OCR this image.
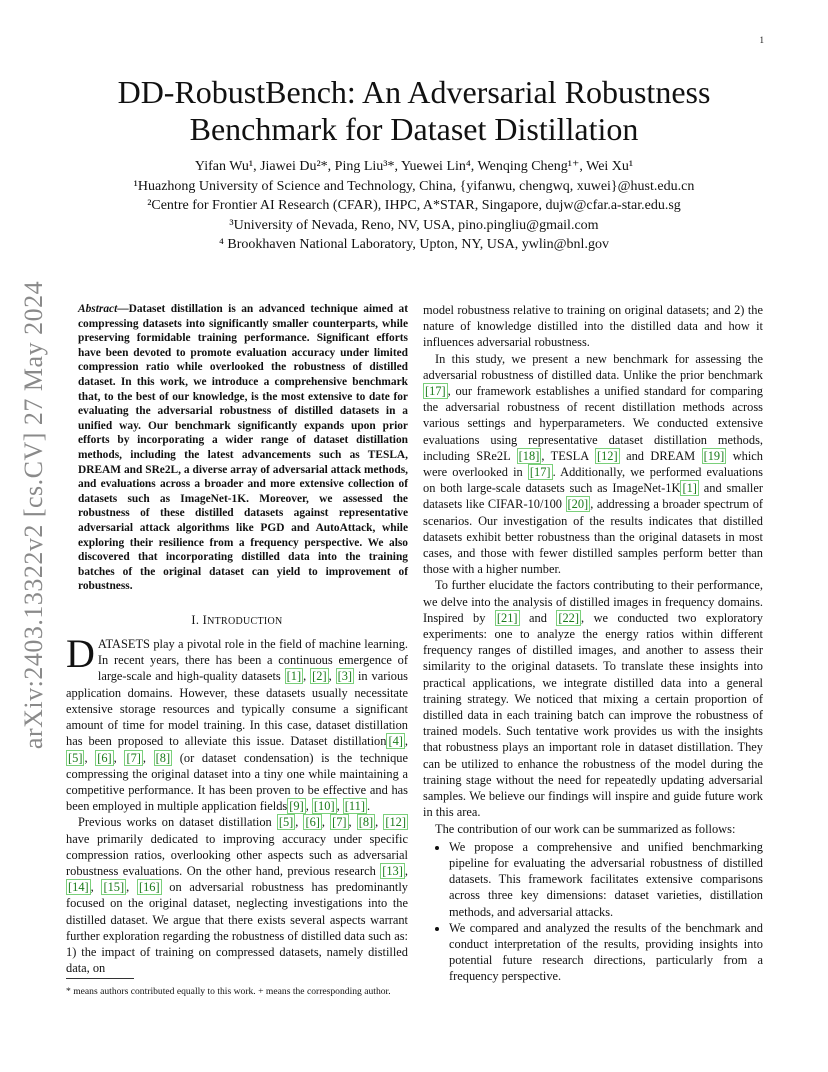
1
arXiv:2403.13322v2 [cs.CV] 27 May 2024
DD-RobustBench: An Adversarial Robustness
Benchmark for Dataset Distillation
Yifan Wu¹, Jiawei Du²*, Ping Liu³*, Yuewei Lin⁴, Wenqing Cheng¹⁺, Wei Xu¹
¹Huazhong University of Science and Technology, China, {yifanwu, chengwq, xuwei}@hust.edu.cn
²Centre for Frontier AI Research (CFAR), IHPC, A*STAR, Singapore, dujw@cfar.a-star.edu.sg
³University of Nevada, Reno, NV, USA, pino.pingliu@gmail.com
⁴ Brookhaven National Laboratory, Upton, NY, USA, ywlin@bnl.gov

Abstract—Dataset distillation is an advanced technique aimed at compressing datasets into significantly smaller counterparts, while preserving formidable training performance. Significant efforts have been devoted to promote evaluation accuracy under limited compression ratio while overlooked the robustness of distilled dataset. In this work, we introduce a comprehensive benchmark that, to the best of our knowledge, is the most extensive to date for evaluating the adversarial robustness of distilled datasets in a unified way. Our benchmark significantly expands upon prior efforts by incorporating a wider range of dataset distillation methods, including the latest advancements such as TESLA, DREAM and SRe2L, a diverse array of adversarial attack methods, and evaluations across a broader and more extensive collection of datasets such as ImageNet-1K. Moreover, we assessed the robustness of these distilled datasets against representative adversarial attack algorithms like PGD and AutoAttack, while exploring their resilience from a frequency perspective. We also discovered that incorporating distilled data into the training batches of the original dataset can yield to improvement of robustness.

I. INTRODUCTION

DATASETS play a pivotal role in the field of machine learning. In recent years, there has been a continuous emergence of large-scale and high-quality datasets [1] , [2] , [3] in various application domains. However, these datasets usually necessitate extensive storage resources and typically consume a significant amount of time for model training. In this case, dataset distillation has been proposed to alleviate this issue. Dataset distillation [4] , [5] , [6] , [7] , [8] (or dataset condensation) is the technique compressing the original dataset into a tiny one while maintaining a competitive performance. It has been proven to be effective and has been employed in multiple application fields [9] , [10] , [11] .

Previous works on dataset distillation [5] , [6] , [7] , [8] , [12] have primarily dedicated to improving accuracy under specific compression ratios, overlooking other aspects such as adversarial robustness evaluations. On the other hand, previous research [13] , [14] , [15] , [16] on adversarial robustness has predominantly focused on the original dataset, neglecting investigations into the distilled dataset. We argue that there exists several aspects warrant further exploration regarding the robustness of distilled data such as: 1) the impact of training on compressed datasets, namely distilled data, on

* means authors contributed equally to this work. + means the corresponding author.

model robustness relative to training on original datasets; and 2) the nature of knowledge distilled into the distilled data and how it influences adversarial robustness.

In this study, we present a new benchmark for assessing the adversarial robustness of distilled data. Unlike the prior benchmark [17] , our framework establishes a unified standard for comparing the adversarial robustness of recent distillation methods across various settings and hyperparameters. We conducted extensive evaluations using representative dataset distillation methods, including SRe2L [18] , TESLA [12] and DREAM [19] which were overlooked in [17] . Additionally, we performed evaluations on both large-scale datasets such as ImageNet-1K [1] and smaller datasets like CIFAR-10/100 [20] , addressing a broader spectrum of scenarios. Our investigation of the results indicates that distilled datasets exhibit better robustness than the original datasets in most cases, and those with fewer distilled samples perform better than those with a higher number.

To further elucidate the factors contributing to their performance, we delve into the analysis of distilled images in frequency domains. Inspired by [21] and [22] , we conducted two exploratory experiments: one to analyze the energy ratios within different frequency ranges of distilled images, and another to assess their similarity to the original datasets. To translate these insights into practical applications, we integrate distilled data into a general training strategy. We noticed that mixing a certain proportion of distilled data in each training batch can improve the robustness of trained models. Such tentative work provides us with the insights that robustness plays an important role in dataset distillation. They can be utilized to enhance the robustness of the model during the training stage without the need for repeatedly updating adversarial samples. We believe our findings will inspire and guide future work in this area.

The contribution of our work can be summarized as follows:

• We propose a comprehensive and unified benchmarking pipeline for evaluating the adversarial robustness of distilled datasets. This framework facilitates extensive comparisons across three key dimensions: dataset varieties, distillation methods, and adversarial attacks.
• We compared and analyzed the results of the benchmark and conduct interpretation of the results, providing insights into potential future research directions, particularly from a frequency perspective.
